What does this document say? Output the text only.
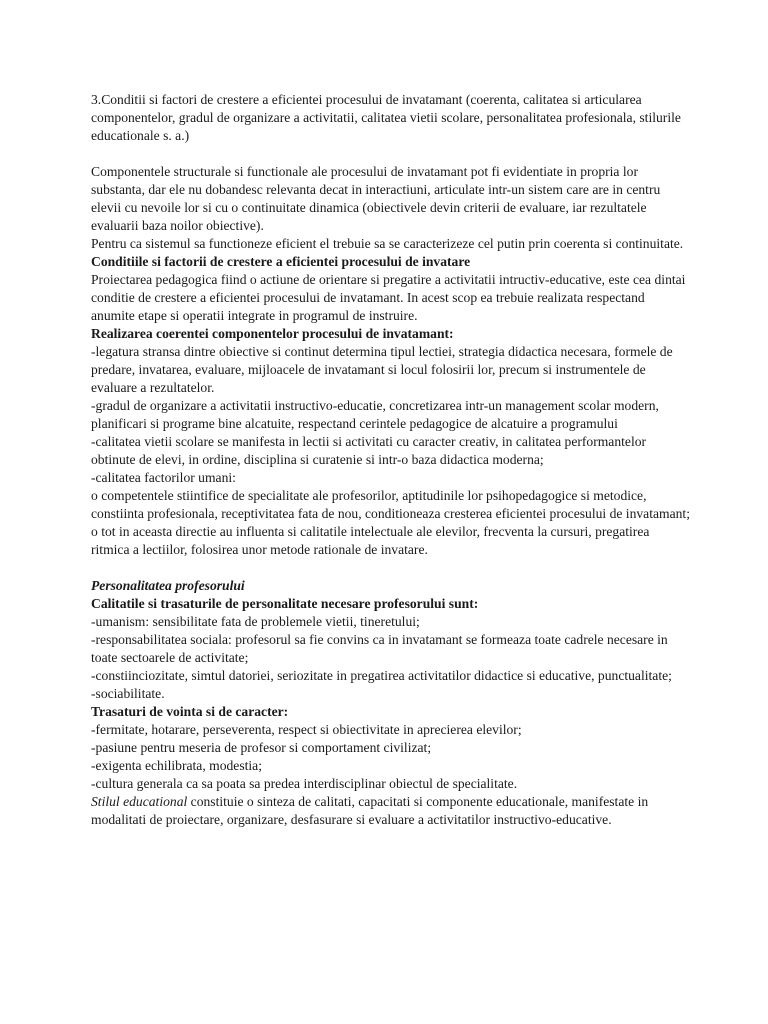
3.Conditii si factori de crestere a eficientei procesului de invatamant (coerenta, calitatea si articularea componentelor, gradul de organizare a activitatii, calitatea vietii scolare, personalitatea profesionala, stilurile educationale s. a.)

Componentele structurale si functionale ale procesului de invatamant pot fi evidentiate in propria lor substanta, dar ele nu dobandesc relevanta decat in interactiuni, articulate intr-un sistem care are in centru elevii cu nevoile lor si cu o continuitate dinamica (obiectivele devin criterii de evaluare, iar rezultatele evaluarii baza noilor obiective).

Pentru ca sistemul sa functioneze eficient el trebuie sa se caracterizeze cel putin prin coerenta si continuitate.

Conditiile si factorii de crestere a eficientei procesului de invatare

Proiectarea pedagogica fiind o actiune de orientare si pregatire a activitatii intructiv-educative, este cea dintai conditie de crestere a eficientei procesului de invatamant. In acest scop ea trebuie realizata respectand anumite etape si operatii integrate in programul de instruire.

Realizarea coerentei componentelor procesului de invatamant:

-legatura stransa dintre obiective si continut determina tipul lectiei, strategia didactica necesara, formele de predare, invatarea, evaluare, mijloacele de invatamant si locul folosirii lor, precum si instrumentele de evaluare a rezultatelor.

-gradul de organizare a activitatii instructivo-educatie, concretizarea intr-un management scolar modern, planificari si programe bine alcatuite, respectand cerintele pedagogice de alcatuire a programului

-calitatea vietii scolare se manifesta in lectii si activitati cu caracter creativ, in calitatea performantelor obtinute de elevi, in ordine, disciplina si curatenie si intr-o baza didactica moderna;

-calitatea factorilor umani:

o competentele stiintifice de specialitate ale profesorilor, aptitudinile lor psihopedagogice si metodice, constiinta profesionala, receptivitatea fata de nou, conditioneaza cresterea eficientei procesului de invatamant;

o tot in aceasta directie au influenta si calitatile intelectuale ale elevilor, frecventa la cursuri, pregatirea ritmica a lectiilor, folosirea unor metode rationale de invatare.

Personalitatea profesorului

Calitatile si trasaturile de personalitate necesare profesorului sunt:

-umanism: sensibilitate fata de problemele vietii, tineretului;

-responsabilitatea sociala: profesorul sa fie convins ca in invatamant se formeaza toate cadrele necesare in toate sectoarele de activitate;

-constiinciozitate, simtul datoriei, seriozitate in pregatirea activitatilor didactice si educative, punctualitate;

-sociabilitate.

Trasaturi de vointa si de caracter:

-fermitate, hotarare, perseverenta, respect si obiectivitate in aprecierea elevilor;

-pasiune pentru meseria de profesor si comportament civilizat;

-exigenta echilibrata, modestia;

-cultura generala ca sa poata sa predea interdisciplinar obiectul de specialitate.

Stilul educational constituie o sinteza de calitati, capacitati si componente educationale, manifestate in modalitati de proiectare, organizare, desfasurare si evaluare a activitatilor instructivo-educative.
